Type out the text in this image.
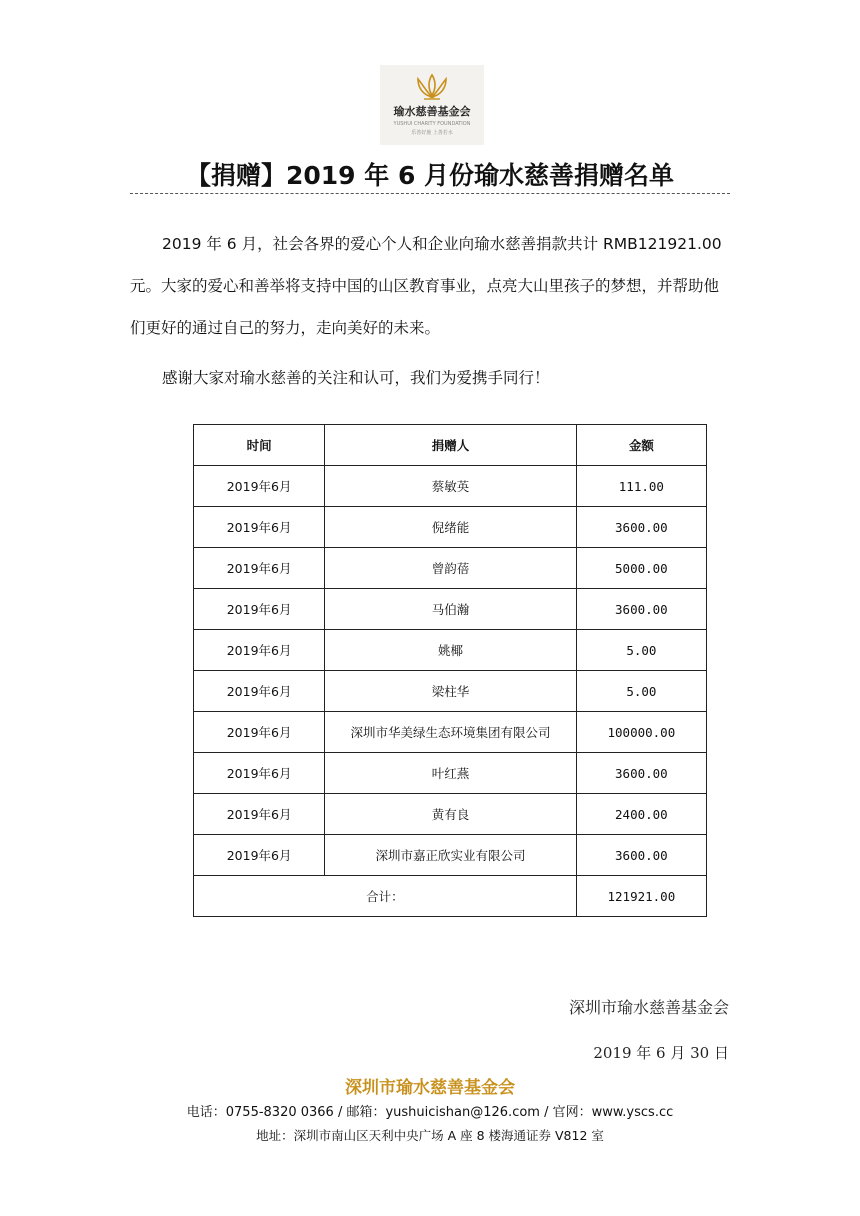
瑜水慈善基金会
YUSHUI CHARITY FOUNDATION
乐善好施 上善若水
【捐赠】2019 年 6 月份瑜水慈善捐赠名单
2019 年 6 月，社会各界的爱心个人和企业向瑜水慈善捐款共计 RMB121921.00
元。大家的爱心和善举将支持中国的山区教育事业，点亮大山里孩子的梦想，并帮助他
们更好的通过自己的努力，走向美好的未来。
感谢大家对瑜水慈善的关注和认可，我们为爱携手同行！
时间	捐赠人	金额
2019年6月	蔡敏英	111.00
2019年6月	倪绪能	3600.00
2019年6月	曾韵蓓	5000.00
2019年6月	马伯瀚	3600.00
2019年6月	姚椰	5.00
2019年6月	梁柱华	5.00
2019年6月	深圳市华美绿生态环境集团有限公司	100000.00
2019年6月	叶红燕	3600.00
2019年6月	黄有良	2400.00
2019年6月	深圳市嘉正欣实业有限公司	3600.00
合计：		121921.00
深圳市瑜水慈善基金会
2019 年 6 月 30 日
深圳市瑜水慈善基金会
电话：0755-8320 0366 / 邮箱：yushuicishan@126.com / 官网：www.yscs.cc
地址：深圳市南山区天利中央广场 A 座 8 楼海通证券 V812 室
